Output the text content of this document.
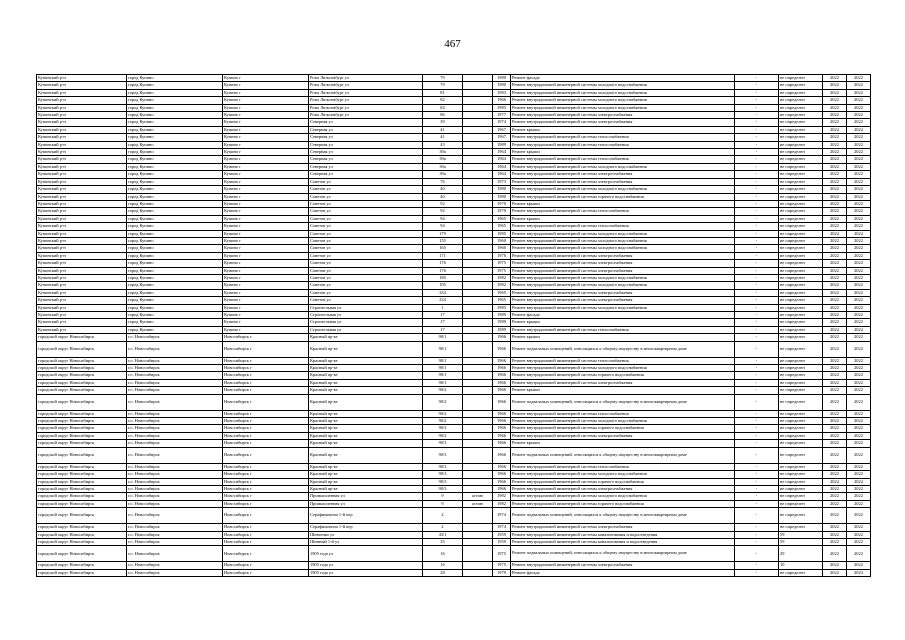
467
Купинский р-н	город Купино	Купино г	Розы Люксембург ул	79		1980	Ремонт фасада	-	не определен	2022	2022
Купинский р-н	город Купино	Купино г	Розы Люксембург ул	79		1980	Ремонт внутридомовой инженерной системы холодного водоснабжения	-	не определен	2022	2022
Купинский р-н	город Купино	Купино г	Розы Люксембург ул	81		1983	Ремонт внутридомовой инженерной системы холодного водоснабжения	-	не определен	2022	2022
Купинский р-н	город Купино	Купино г	Розы Люксембург ул	82		1966	Ремонт внутридомовой инженерной системы холодного водоснабжения	-	не определен	2022	2022
Купинский р-н	город Купино	Купино г	Розы Люксембург ул	84		1983	Ремонт внутридомовой инженерной системы холодного водоснабжения	-	не определен	2022	2022
Купинский р-н	город Купино	Купино г	Розы Люксембург ул	86		1977	Ремонт внутридомовой инженерной системы электроснабжения	-	не определен	2022	2022
Купинский р-н	город Купино	Купино г	Северная ул	39		1974	Ремонт внутридомовой инженерной системы электроснабжения	-	не определен	2022	2022
Купинский р-н	город Купино	Купино г	Северная ул	41		1967	Ремонт крыши	-	не определен	2022	2022
Купинский р-н	город Купино	Купино г	Северная ул	41		1967	Ремонт внутридомовой инженерной системы теплоснабжения	-	не определен	2022	2022
Купинский р-н	город Купино	Купино г	Северная ул	43		1989	Ремонт внутридомовой инженерной системы теплоснабжения	-	не определен	2022	2022
Купинский р-н	город Купино	Купино г	Северная ул	39а		1964	Ремонт крыши	-	не определен	2022	2022
Купинский р-н	город Купино	Купино г	Северная ул	39а		1964	Ремонт внутридомовой инженерной системы теплоснабжения	-	не определен	2022	2022
Купинский р-н	город Купино	Купино г	Северная ул	39а		1964	Ремонт внутридомовой инженерной системы холодного водоснабжения	-	не определен	2022	2022
Купинский р-н	город Купино	Купино г	Северная ул	39а		1964	Ремонт внутридомовой инженерной системы электроснабжения	-	не определен	2022	2022
Купинский р-н	город Купино	Купино г	Советов ул	76		1973	Ремонт внутридомовой инженерной системы электроснабжения	-	не определен	2022	2022
Купинский р-н	город Купино	Купино г	Советов ул	40		1980	Ремонт внутридомовой инженерной системы холодного водоснабжения	-	не определен	2022	2022
Купинский р-н	город Купино	Купино г	Советов ул	40		1980	Ремонт внутридомовой инженерной системы горячего водоснабжения	-	не определен	2022	2022
Купинский р-н	город Купино	Купино г	Советов ул	92		1970	Ремонт крыши	-	не определен	2022	2022
Купинский р-н	город Купино	Купино г	Советов ул	92		1970	Ремонт внутридомовой инженерной системы теплоснабжения	-	не определен	2022	2022
Купинский р-н	город Купино	Купино г	Советов ул	94		1965	Ремонт крыши	-	не определен	2022	2022
Купинский р-н	город Купино	Купино г	Советов ул	94		1965	Ремонт внутридомовой инженерной системы теплоснабжения	-	не определен	2022	2022
Купинский р-н	город Купино	Купино г	Советов ул	179		1985	Ремонт внутридомовой инженерной системы холодного водоснабжения	-	не определен	2022	2022
Купинский р-н	город Купино	Купино г	Советов ул	155		1960	Ремонт внутридомовой инженерной системы холодного водоснабжения	-	не определен	2022	2022
Купинский р-н	город Купино	Купино г	Советов ул	165		1960	Ремонт внутридомовой инженерной системы холодного водоснабжения	-	не определен	2022	2022
Купинский р-н	город Купино	Купино г	Советов ул	171		1976	Ремонт внутридомовой инженерной системы электроснабжения	-	не определен	2022	2022
Купинский р-н	город Купино	Купино г	Советов ул	176		1975	Ремонт внутридомовой инженерной системы электроснабжения	-	не определен	2022	2022
Купинский р-н	город Купино	Купино г	Советов ул	176		1975	Ремонт внутридомовой инженерной системы электроснабжения	-	не определен	2022	2022
Купинский р-н	город Купино	Купино г	Советов ул	180		1982	Ремонт внутридомовой инженерной системы холодного водоснабжения	-	не определен	2022	2022
Купинский р-н	город Купино	Купино г	Советов ул	195		1982	Ремонт внутридомовой инженерной системы холодного водоснабжения	-	не определен	2022	2022
Купинский р-н	город Купино	Купино г	Советов ул	234		1965	Ремонт внутридомовой инженерной системы электроснабжения	-	не определен	2022	2022
Купинский р-н	город Купино	Купино г	Советов ул	234		1965	Ремонт внутридомовой инженерной системы электроснабжения	-	не определен	2022	2022
Купинский р-н	город Купино	Купино г	Строительная ул	1		1983	Ремонт внутридомовой инженерной системы холодного водоснабжения	-	не определен	2022	2022
Купинский р-н	город Купино	Купино г	Строительная ул	17		1989	Ремонт фасада	-	не определен	2022	2022
Купинский р-н	город Купино	Купино г	Строительная ул	17		1989	Ремонт крыши	-	не определен	2022	2022
Купинский р-н	город Купино	Купино г	Строительная ул	17		1989	Ремонт внутридомовой инженерной системы теплоснабжения	-	не определен	2022	2022
городской округ Новосибирск	г.о. Новосибирск	Новосибирск г	Красный пр-кт	90/1		1966	Ремонт крыши	-	не определен	2022	2022
городской округ Новосибирск	г.о. Новосибирск	Новосибирск г	Красный пр-кт	90/1		1966	Ремонт подвальных помещений, относящихся к общему имуществу в многоквартирном доме	-	не определен	2022	2022
городской округ Новосибирск	г.о. Новосибирск	Новосибирск г	Красный пр-кт	90/1		1966	Ремонт внутридомовой инженерной системы теплоснабжения	-	не определен	2022	2022
городской округ Новосибирск	г.о. Новосибирск	Новосибирск г	Красный пр-кт	90/1		1966	Ремонт внутридомовой инженерной системы холодного водоснабжения	-	не определен	2022	2022
городской округ Новосибирск	г.о. Новосибирск	Новосибирск г	Красный пр-кт	90/1		1966	Ремонт внутридомовой инженерной системы горячего водоснабжения	-	не определен	2022	2022
городской округ Новосибирск	г.о. Новосибирск	Новосибирск г	Красный пр-кт	90/1		1966	Ремонт внутридомовой инженерной системы электроснабжения	-	не определен	2022	2022
городской округ Новосибирск	г.о. Новосибирск	Новосибирск г	Красный пр-кт	90/2		1966	Ремонт крыши	-	не определен	2022	2022
городской округ Новосибирск	г.о. Новосибирск	Новосибирск г	Красный пр-кт	90/2		1966	Ремонт подвальных помещений, относящихся к общему имуществу в многоквартирном доме	-	не определен	2022	2022
городской округ Новосибирск	г.о. Новосибирск	Новосибирск г	Красный пр-кт	90/2		1966	Ремонт внутридомовой инженерной системы теплоснабжения	-	не определен	2022	2022
городской округ Новосибирск	г.о. Новосибирск	Новосибирск г	Красный пр-кт	90/2		1966	Ремонт внутридомовой инженерной системы холодного водоснабжения	-	не определен	2022	2022
городской округ Новосибирск	г.о. Новосибирск	Новосибирск г	Красный пр-кт	90/2		1966	Ремонт внутридомовой инженерной системы горячего водоснабжения	-	не определен	2022	2022
городской округ Новосибирск	г.о. Новосибирск	Новосибирск г	Красный пр-кт	90/2		1966	Ремонт внутридомовой инженерной системы электроснабжения	-	не определен	2022	2022
городской округ Новосибирск	г.о. Новосибирск	Новосибирск г	Красный пр-кт	90/3		1966	Ремонт крыши	-	не определен	2022	2022
городской округ Новосибирск	г.о. Новосибирск	Новосибирск г	Красный пр-кт	90/3		1966	Ремонт подвальных помещений, относящихся к общему имуществу в многоквартирном доме	-	не определен	2022	2022
городской округ Новосибирск	г.о. Новосибирск	Новосибирск г	Красный пр-кт	90/3		1966	Ремонт внутридомовой инженерной системы теплоснабжения	-	не определен	2022	2022
городской округ Новосибирск	г.о. Новосибирск	Новосибирск г	Красный пр-кт	90/3		1966	Ремонт внутридомовой инженерной системы холодного водоснабжения	-	не определен	2022	2022
городской округ Новосибирск	г.о. Новосибирск	Новосибирск г	Красный пр-кт	90/3		1966	Ремонт внутридомовой инженерной системы горячего водоснабжения	-	не определен	2022	2022
городской округ Новосибирск	г.о. Новосибирск	Новосибирск г	Красный пр-кт	90/3		1966	Ремонт внутридомовой инженерной системы электроснабжения	-	не определен	2022	2022
городской округ Новосибирск	г.о. Новосибирск	Новосибирск г	Промышленная ул	9	астаю	1982	Ремонт внутридомовой инженерной системы холодного водоснабжения	-	не определен	2022	2022
городской округ Новосибирск	г.о. Новосибирск	Новосибирск г	Промышленная ул	9	астаю	1982	Ремонт внутридомовой инженерной системы горячего водоснабжения	-	не определен	2022	2022
городской округ Новосибирск	г.о. Новосибирск	Новосибирск г	Серафимовича 1-й пер	2		1974	Ремонт подвальных помещений, относящихся к общему имуществу в многоквартирном доме	-	не определен	2022	2022
городской округ Новосибирск	г.о. Новосибирск	Новосибирск г	Серафимовича 1-й пер	2		1974	Ремонт внутридомовой инженерной системы электроснабжения	-	не определен	2022	2022
городской округ Новосибирск	г.о. Новосибирск	Новосибирск г	Шевченко ул	43/1		1959	Ремонт внутридомовой инженерной системы канализования и водоотведения	-	59	2022	2022
городской округ Новосибирск	г.о. Новосибирск	Новосибирск г	Шинный 1-й ул	35		1959	Ремонт внутридомовой инженерной системы канализования и водоотведения	-	59	2022	2022
городской округ Новосибирск	г.о. Новосибирск	Новосибирск г	1905 года ул	16		1975	Ремонт подвальных помещений, относящихся к общему имуществу в многоквартирном доме	-	29	2022	2022
городской округ Новосибирск	г.о. Новосибирск	Новосибирск г	1905 года ул	16		1975	Ремонт внутридомовой инженерной системы электроснабжения	-	10	2022	2022
городской округ Новосибирск	г.о. Новосибирск	Новосибирск г	1905 года ул	28		1979	Ремонт фасада	-	не определен	2022	2023
